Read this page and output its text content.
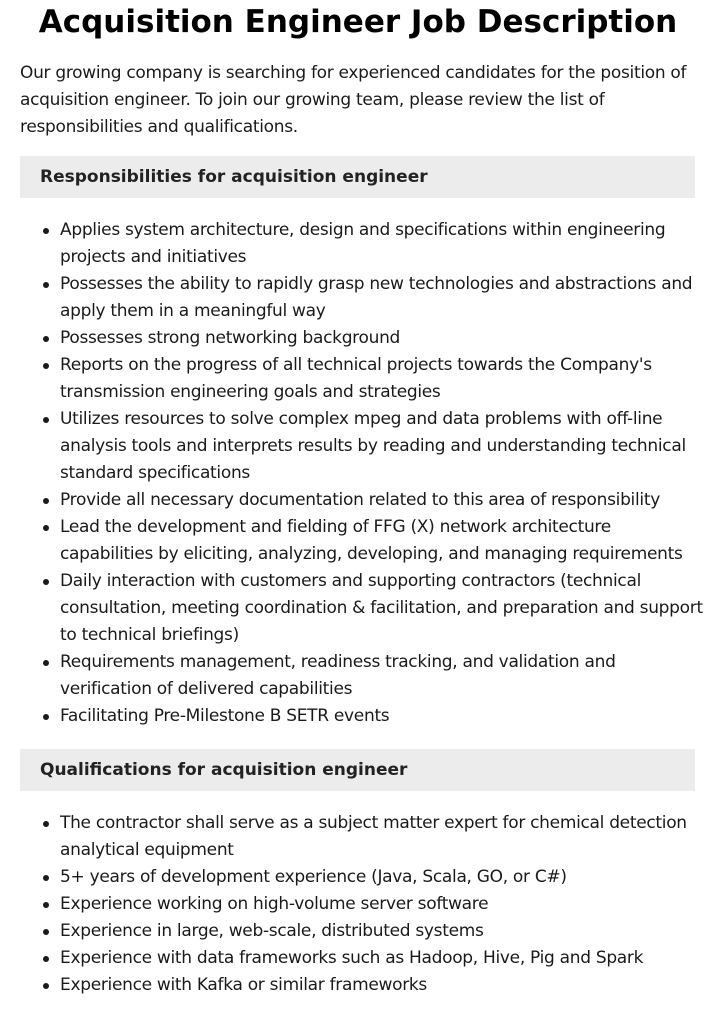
Acquisition Engineer Job Description

Our growing company is searching for experienced candidates for the position of acquisition engineer. To join our growing team, please review the list of responsibilities and qualifications.

Responsibilities for acquisition engineer
Applies system architecture, design and specifications within engineering projects and initiatives
Possesses the ability to rapidly grasp new technologies and abstractions and apply them in a meaningful way
Possesses strong networking background
Reports on the progress of all technical projects towards the Company's transmission engineering goals and strategies
Utilizes resources to solve complex mpeg and data problems with off-line analysis tools and interprets results by reading and understanding technical standard specifications
Provide all necessary documentation related to this area of responsibility
Lead the development and fielding of FFG (X) network architecture capabilities by eliciting, analyzing, developing, and managing requirements
Daily interaction with customers and supporting contractors (technical consultation, meeting coordination & facilitation, and preparation and support to technical briefings)
Requirements management, readiness tracking, and validation and verification of delivered capabilities
Facilitating Pre-Milestone B SETR events
Qualifications for acquisition engineer
The contractor shall serve as a subject matter expert for chemical detection analytical equipment
5+ years of development experience (Java, Scala, GO, or C#)
Experience working on high-volume server software
Experience in large, web-scale, distributed systems
Experience with data frameworks such as Hadoop, Hive, Pig and Spark
Experience with Kafka or similar frameworks
